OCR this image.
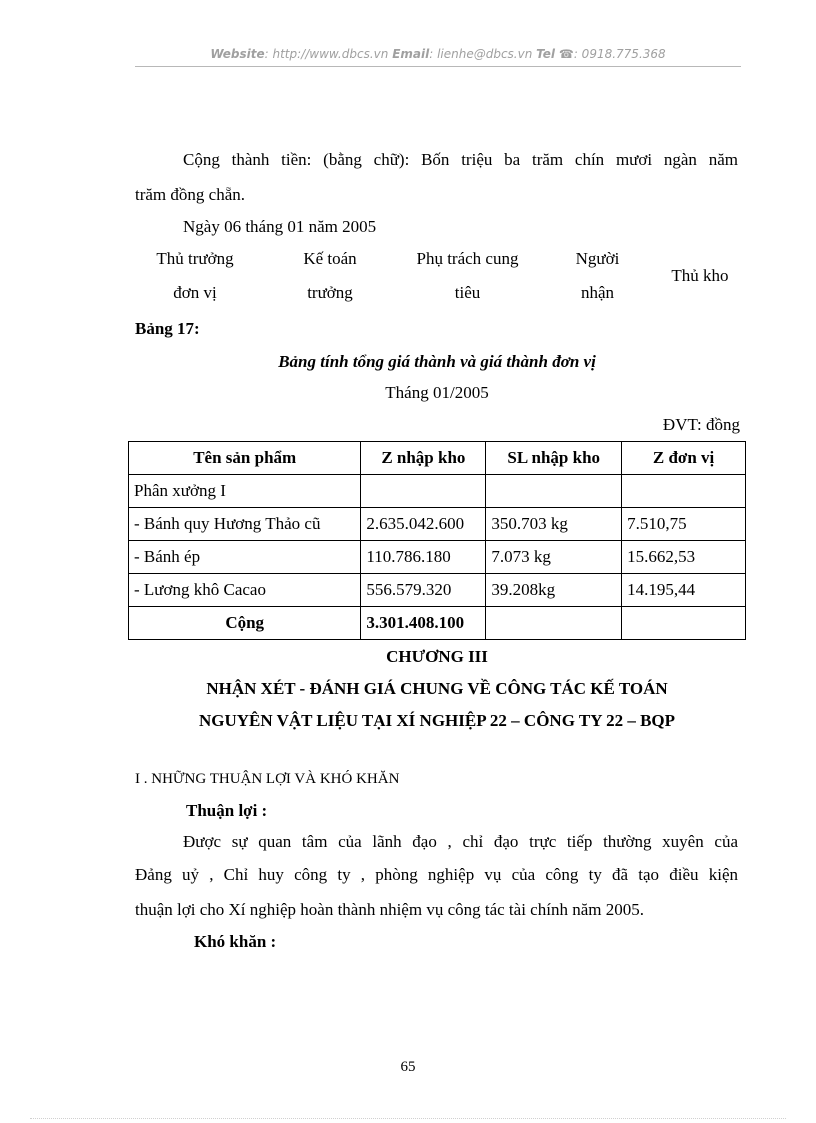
Website: http://www.dbcs.vn Email: lienhe@dbcs.vn Tel ☎: 0918.775.368
Cộng thành tiền: (bằng chữ): Bốn triệu ba trăm chín mươi ngàn năm
trăm đồng chẵn.
Ngày 06 tháng 01 năm 2005
Thủ trưởng
đơn vị
Kế toán
trưởng
Phụ trách cung
tiêu
Người
nhận
Thủ kho
Bảng 17:
Bảng tính tổng giá thành và giá thành đơn vị
Tháng 01/2005
ĐVT: đồng
Tên sản phẩm	Z nhập kho	SL nhập kho	Z đơn vị
Phân xưởng I			
- Bánh quy Hương Thảo cũ	2.635.042.600	350.703 kg	7.510,75
- Bánh ép	110.786.180	7.073 kg	15.662,53
- Lương khô Cacao	556.579.320	39.208kg	14.195,44
Cộng	3.301.408.100		
CHƯƠNG III
NHẬN XÉT - ĐÁNH GIÁ CHUNG VỀ CÔNG TÁC KẾ TOÁN
NGUYÊN VẬT LIỆU TẠI XÍ NGHIỆP 22 – CÔNG TY 22 – BQP
I . NHỮNG THUẬN LỢI VÀ KHÓ KHĂN
Thuận lợi :
Được sự quan tâm của lãnh đạo , chỉ đạo trực tiếp thường xuyên của
Đảng uỷ , Chỉ huy công ty , phòng nghiệp vụ của công ty đã tạo điều kiện
thuận lợi cho Xí nghiệp hoàn thành nhiệm vụ công tác tài chính năm 2005.
Khó khăn :
65
